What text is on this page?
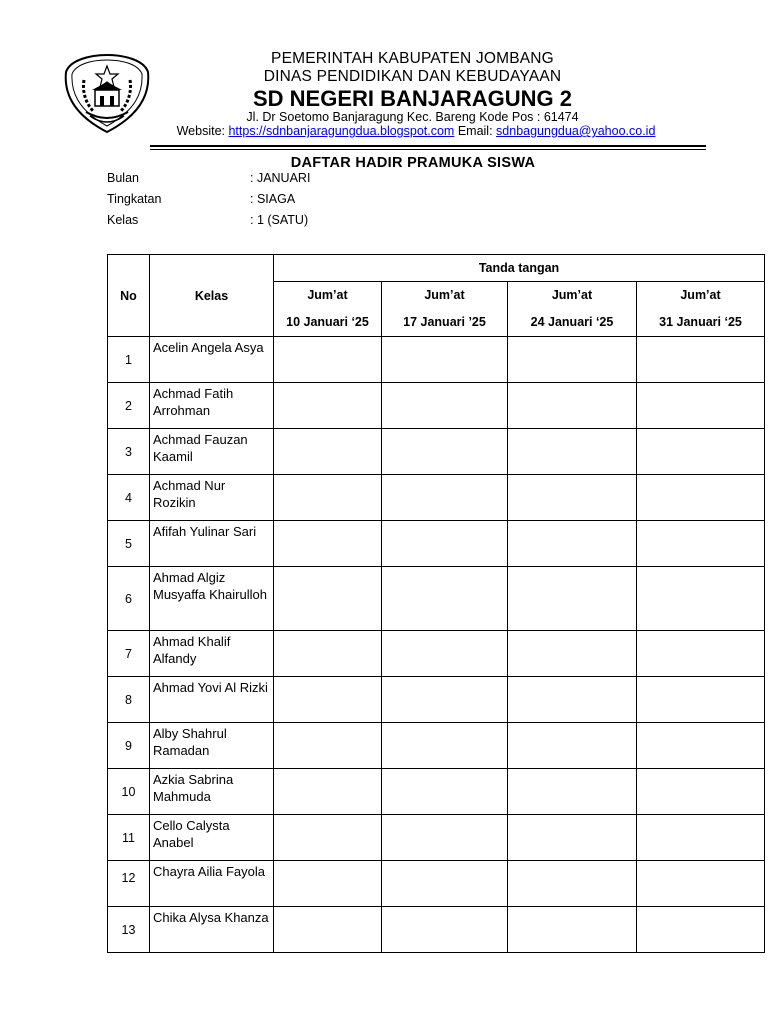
PEMERINTAH KABUPATEN JOMBANG
DINAS PENDIDIKAN DAN KEBUDAYAAN
SD NEGERI BANJARAGUNG 2
Jl. Dr Soetomo Banjaragung Kec. Bareng Kode Pos : 61474
Website: https://sdnbanjaragungdua.blogspot.com Email: sdnbagungdua@yahoo.co.id
DAFTAR HADIR PRAMUKA SISWA
Bulan	: JANUARI
Tingkatan	: SIAGA
Kelas	: 1 (SATU)
No	Kelas	Tanda tangan			
		Jum’at	Jum’at	Jum’at	Jum’at
		10 Januari ‘25	17 Januari ’25	24 Januari ‘25	31 Januari ‘25
1	Acelin Angela Asya				
2	Achmad Fatih Arrohman				
3	Achmad Fauzan Kaamil				
4	Achmad Nur Rozikin				
5	Afifah Yulinar Sari				
6	Ahmad Algiz Musyaffa Khairulloh				
7	Ahmad Khalif Alfandy				
8	Ahmad Yovi Al Rizki				
9	Alby Shahrul Ramadan				
10	Azkia Sabrina Mahmuda				
11	Cello Calysta Anabel				
12	Chayra Ailia Fayola				
13	Chika Alysa Khanza				
